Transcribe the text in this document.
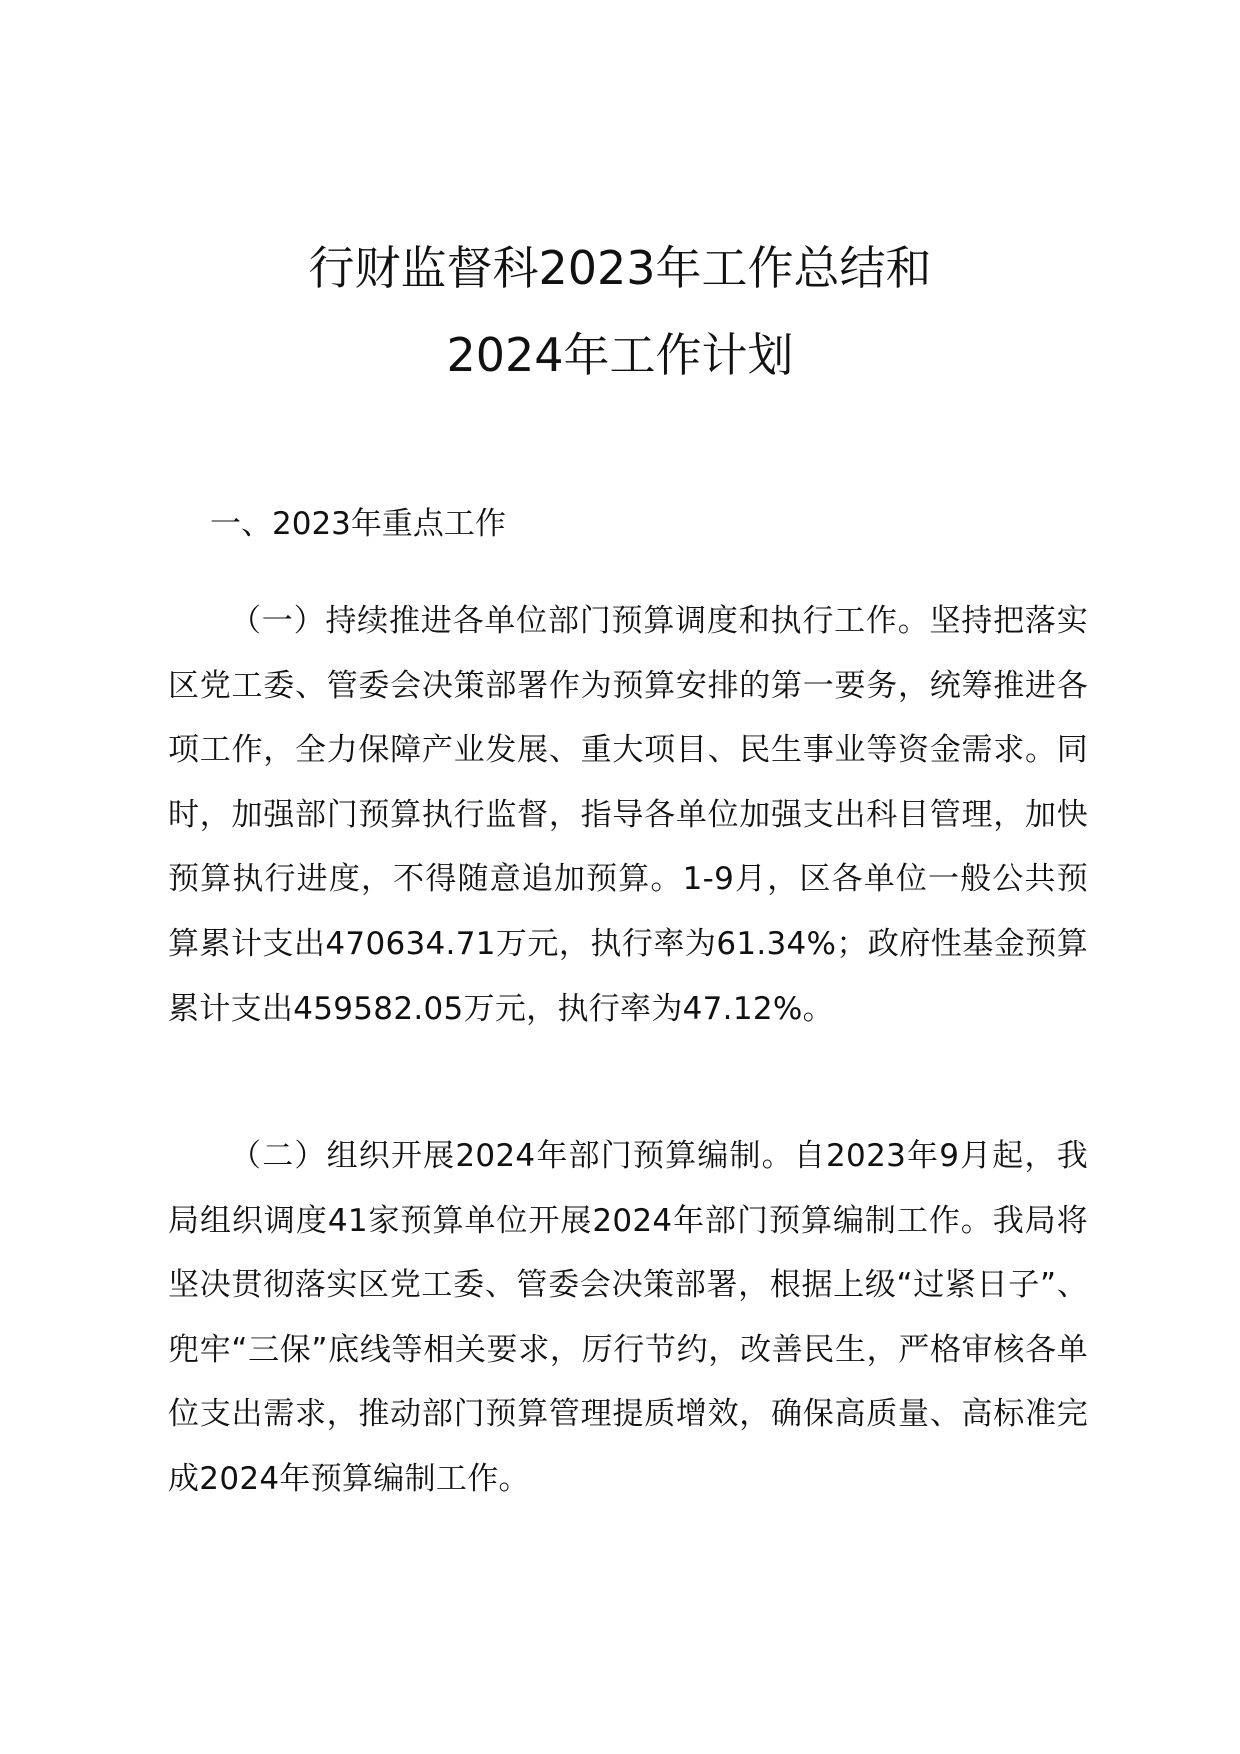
行财监督科2023年工作总结和
2024年工作计划
一、2023年重点工作

（一）持续推进各单位部门预算调度和执行工作。坚持把落实区党工委、管委会决策部署作为预算安排的第一要务，统筹推进各项工作，全力保障产业发展、重大项目、民生事业等资金需求。同时，加强部门预算执行监督，指导各单位加强支出科目管理，加快预算执行进度，不得随意追加预算。1-9月，区各单位一般公共预算累计支出470634.71万元，执行率为61.34%；政府性基金预算累计支出459582.05万元，执行率为47.12%。

（二）组织开展2024年部门预算编制。自2023年9月起，我局组织调度41家预算单位开展2024年部门预算编制工作。我局将坚决贯彻落实区党工委、管委会决策部署，根据上级“过紧日子”、兜牢“三保”底线等相关要求，厉行节约，改善民生，严格审核各单位支出需求，推动部门预算管理提质增效，确保高质量、高标准完成2024年预算编制工作。
